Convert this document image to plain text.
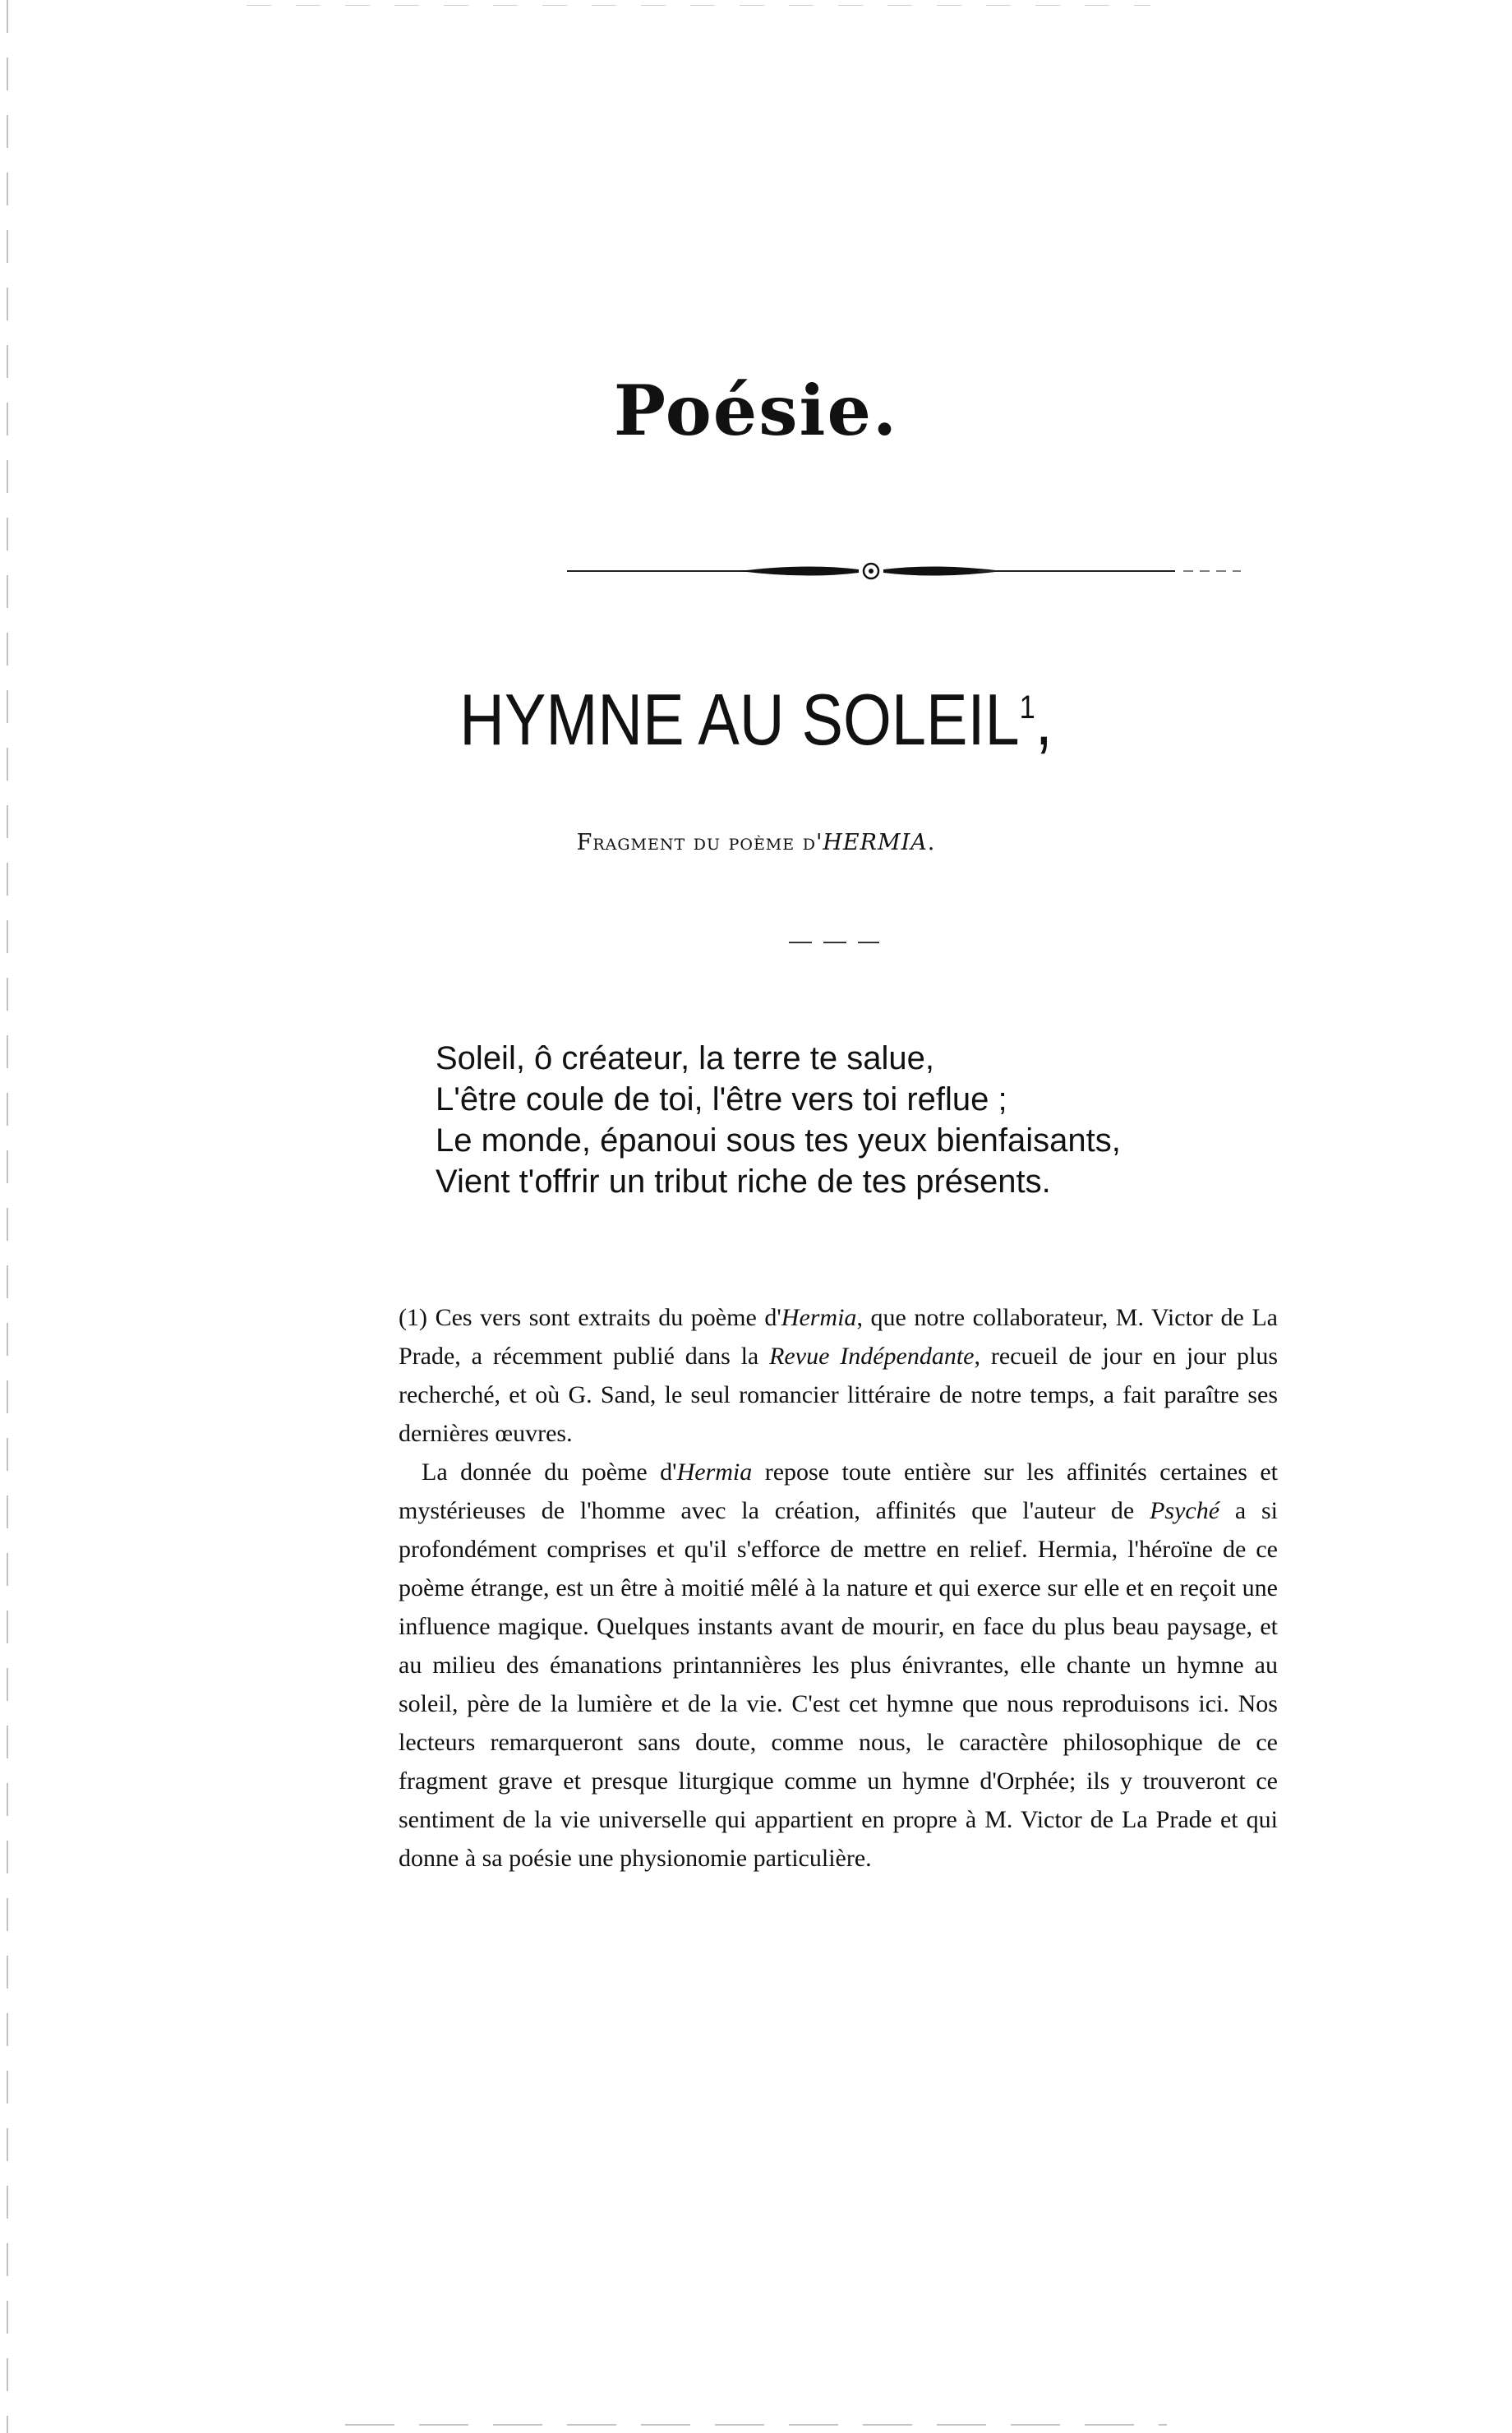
Poésie.
HYMNE AU SOLEIL$^1$,
Fragment du poème d'HERMIA.
Soleil, ô créateur, la terre te salue,
L'être coule de toi, l'être vers toi reflue ;
Le monde, épanoui sous tes yeux bienfaisants,
Vient t'offrir un tribut riche de tes présents.

(1) Ces vers sont extraits du poème d'Hermia, que notre collaborateur, M. Victor de La Prade, a récemment publié dans la Revue Indépendante, recueil de jour en jour plus recherché, et où G. Sand, le seul romancier littéraire de notre temps, a fait paraître ses dernières œuvres.

La donnée du poème d'Hermia repose toute entière sur les affinités certaines et mystérieuses de l'homme avec la création, affinités que l'auteur de Psyché a si profondément comprises et qu'il s'efforce de mettre en relief. Hermia, l'héroïne de ce poème étrange, est un être à moitié mêlé à la nature et qui exerce sur elle et en reçoit une influence magique. Quelques instants avant de mourir, en face du plus beau paysage, et au milieu des émanations printannières les plus énivrantes, elle chante un hymne au soleil, père de la lumière et de la vie. C'est cet hymne que nous reproduisons ici. Nos lecteurs remarqueront sans doute, comme nous, le caractère philosophique de ce fragment grave et presque liturgique comme un hymne d'Orphée; ils y trouveront ce sentiment de la vie universelle qui appartient en propre à M. Victor de La Prade et qui donne à sa poésie une physionomie particulière.
